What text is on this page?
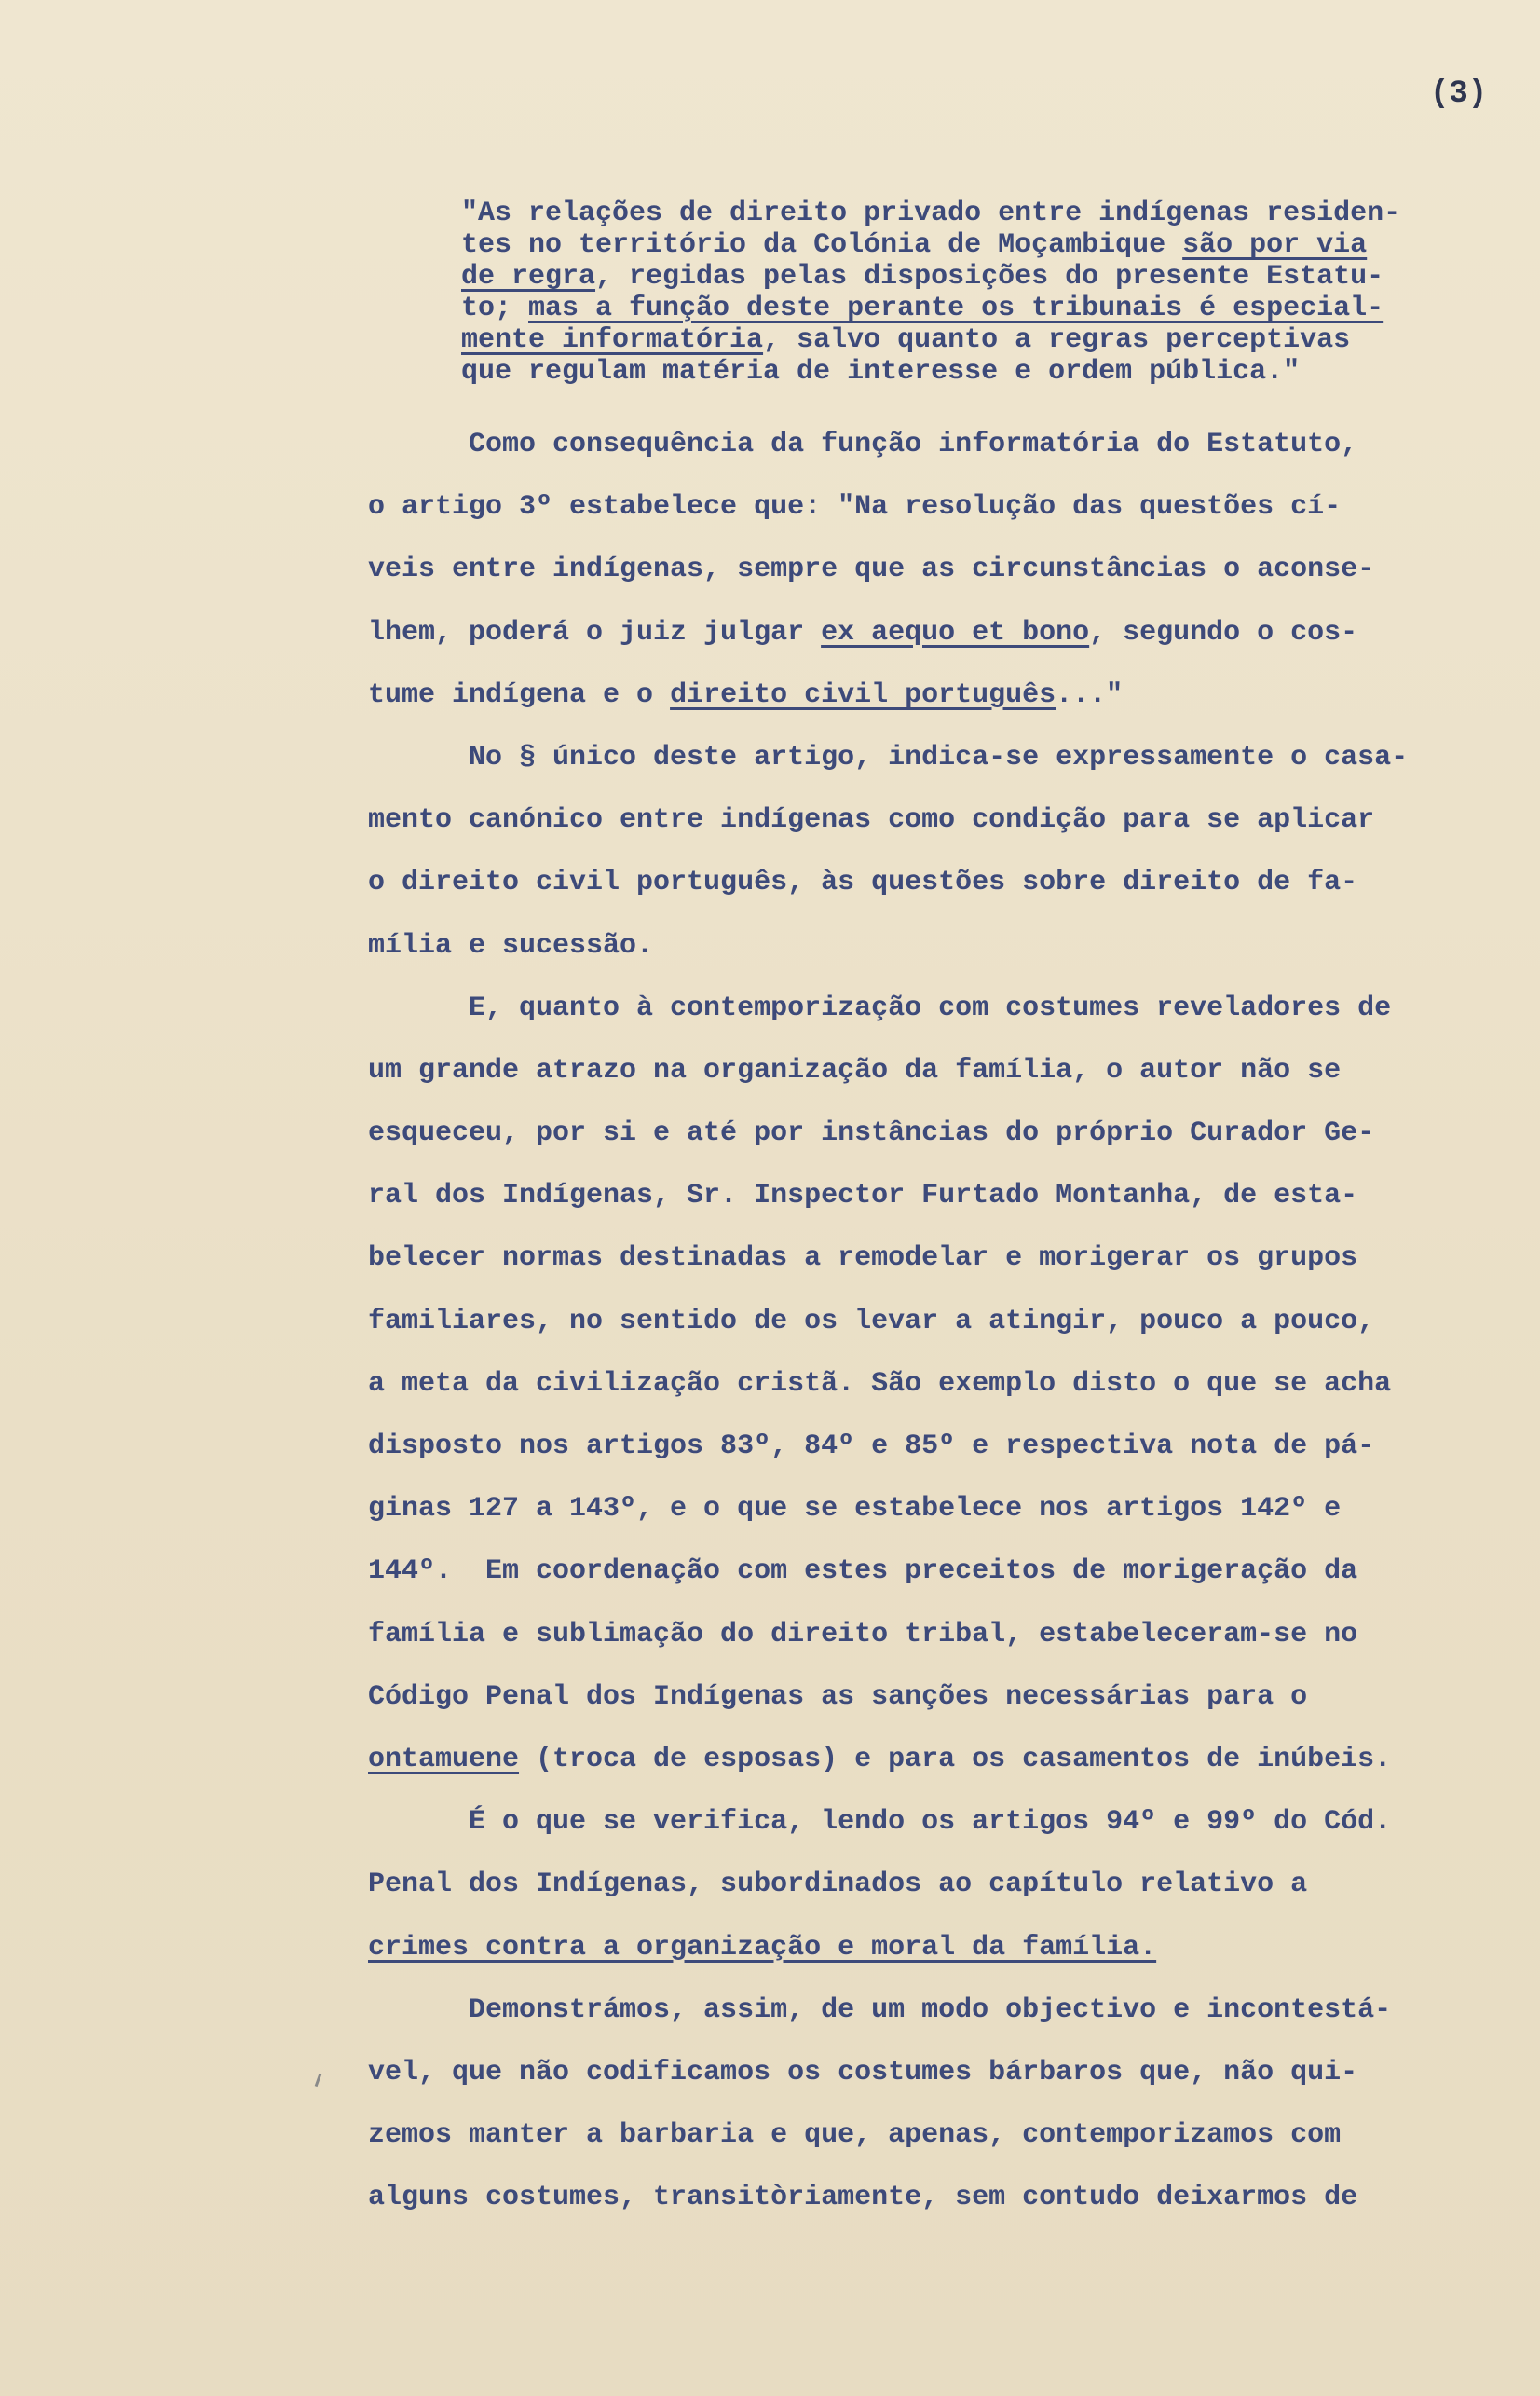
(3)
"As relações de direito privado entre indígenas residen-
tes no território da Colónia de Moçambique são por via
de regra, regidas pelas disposições do presente Estatu-
to; mas a função deste perante os tribunais é especial-
mente informatória, salvo quanto a regras perceptivas
que regulam matéria de interesse e ordem pública."
Como consequência da função informatória do Estatuto,
o artigo 3º estabelece que: "Na resolução das questões cí-
veis entre indígenas, sempre que as circunstâncias o aconse-
lhem, poderá o juiz julgar ex aequo et bono, segundo o cos-
tume indígena e o direito civil português..."
No § único deste artigo, indica-se expressamente o casa-
mento canónico entre indígenas como condição para se aplicar
o direito civil português, às questões sobre direito de fa-
mília e sucessão.
E, quanto à contemporização com costumes reveladores de
um grande atrazo na organização da família, o autor não se
esqueceu, por si e até por instâncias do próprio Curador Ge-
ral dos Indígenas, Sr. Inspector Furtado Montanha, de esta-
belecer normas destinadas a remodelar e morigerar os grupos
familiares, no sentido de os levar a atingir, pouco a pouco,
a meta da civilização cristã. São exemplo disto o que se acha
disposto nos artigos 83º, 84º e 85º e respectiva nota de pá-
ginas 127 a 143º, e o que se estabelece nos artigos 142º e
144º.  Em coordenação com estes preceitos de morigeração da
família e sublimação do direito tribal, estabeleceram-se no
Código Penal dos Indígenas as sanções necessárias para o
ontamuene (troca de esposas) e para os casamentos de inúbeis.
É o que se verifica, lendo os artigos 94º e 99º do Cód.
Penal dos Indígenas, subordinados ao capítulo relativo a
crimes contra a organização e moral da família.
Demonstrámos, assim, de um modo objectivo e incontestá-
vel, que não codificamos os costumes bárbaros que, não qui-
zemos manter a barbaria e que, apenas, contemporizamos com
alguns costumes, transitòriamente, sem contudo deixarmos de
